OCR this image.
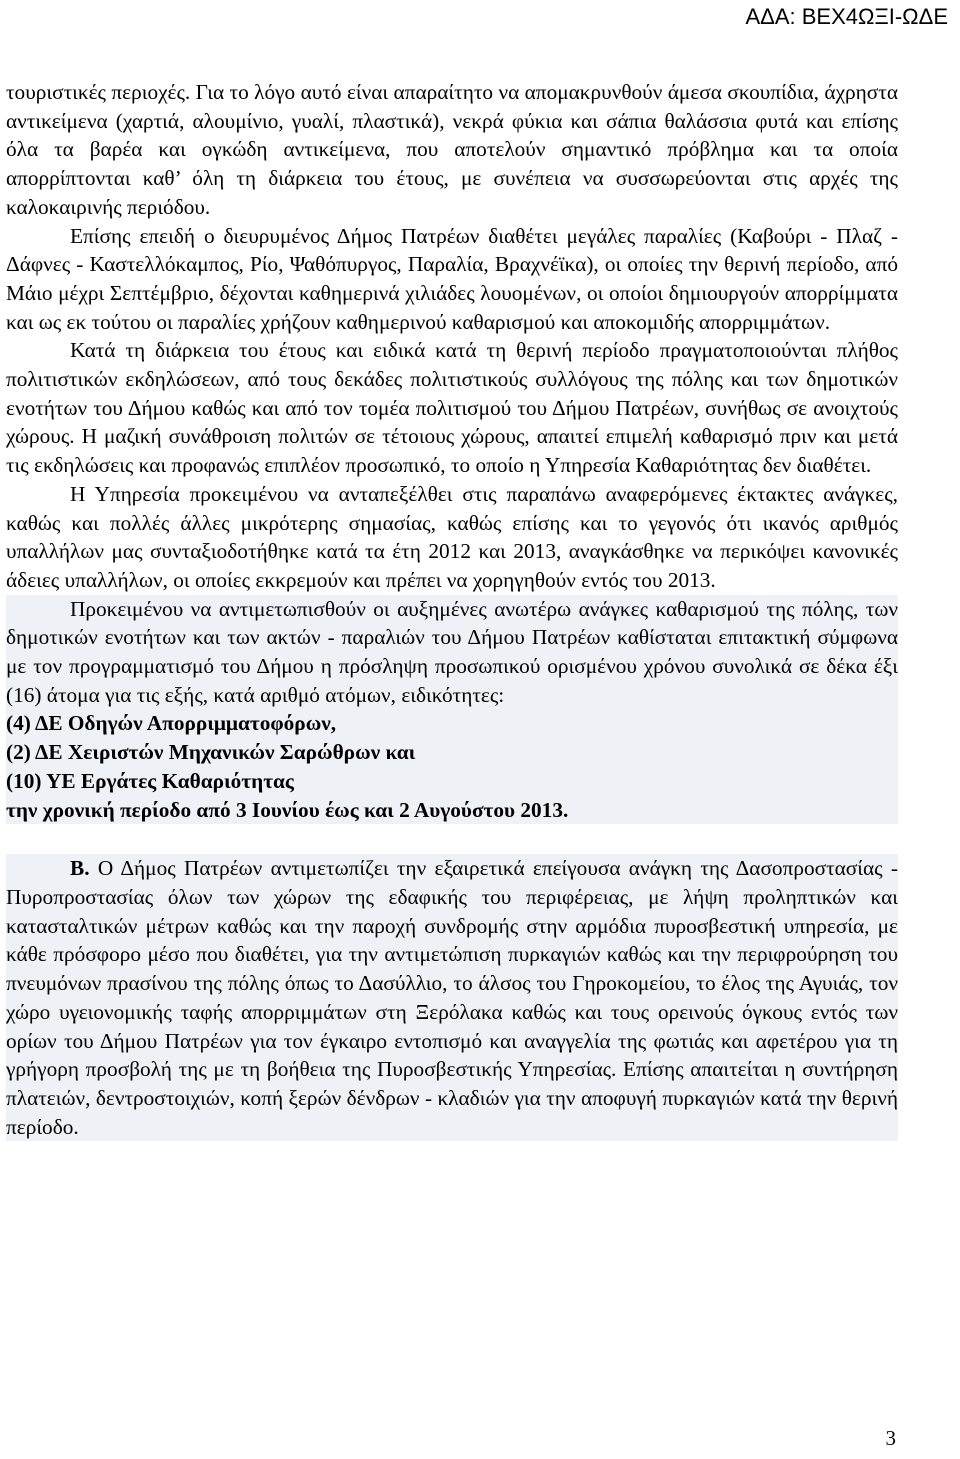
ΑΔΑ: ΒΕΧ4ΩΞΙ-ΩΔΕ

τουριστικές περιοχές. Για το λόγο αυτό είναι απαραίτητο να απομακρυνθούν άμεσα σκουπίδια, άχρηστα αντικείμενα (χαρτιά, αλουμίνιο, γυαλί, πλαστικά), νεκρά φύκια και σάπια θαλάσσια φυτά και επίσης όλα τα βαρέα και ογκώδη αντικείμενα, που αποτελούν σημαντικό πρόβλημα και τα οποία απορρίπτονται καθ’ όλη τη διάρκεια του έτους, με συνέπεια να συσσωρεύονται στις αρχές της καλοκαιρινής περιόδου.

Επίσης επειδή ο διευρυμένος Δήμος Πατρέων διαθέτει μεγάλες παραλίες (Καβούρι - Πλαζ - Δάφνες - Καστελλόκαμπος, Ρίο, Ψαθόπυργος, Παραλία, Βραχνέϊκα), οι οποίες την θερινή περίοδο, από Μάιο μέχρι Σεπτέμβριο, δέχονται καθημερινά χιλιάδες λουομένων, οι οποίοι δημιουργούν απορρίμματα και ως εκ τούτου οι παραλίες χρήζουν καθημερινού καθαρισμού και αποκομιδής απορριμμάτων.

Κατά τη διάρκεια του έτους και ειδικά κατά τη θερινή περίοδο πραγματοποιούνται πλήθος πολιτιστικών εκδηλώσεων, από τους δεκάδες πολιτιστικούς συλλόγους της πόλης και των δημοτικών ενοτήτων του Δήμου καθώς και από τον τομέα πολιτισμού του Δήμου Πατρέων, συνήθως σε ανοιχτούς χώρους. Η μαζική συνάθροιση πολιτών σε τέτοιους χώρους, απαιτεί επιμελή καθαρισμό πριν και μετά τις εκδηλώσεις και προφανώς επιπλέον προσωπικό, το οποίο η Υπηρεσία Καθαριότητας δεν διαθέτει.

Η Υπηρεσία προκειμένου να ανταπεξέλθει στις παραπάνω αναφερόμενες έκτακτες ανάγκες, καθώς και πολλές άλλες μικρότερης σημασίας, καθώς επίσης και το γεγονός ότι ικανός αριθμός υπαλλήλων μας συνταξιοδοτήθηκε κατά τα έτη 2012 και 2013, αναγκάσθηκε να περικόψει κανονικές άδειες υπαλλήλων, οι οποίες εκκρεμούν και πρέπει να χορηγηθούν εντός του 2013.

Προκειμένου να αντιμετωπισθούν οι αυξημένες ανωτέρω ανάγκες καθαρισμού της πόλης, των δημοτικών ενοτήτων και των ακτών - παραλιών του Δήμου Πατρέων καθίσταται επιτακτική σύμφωνα με τον προγραμματισμό του Δήμου η πρόσληψη προσωπικού ορισμένου χρόνου συνολικά σε δέκα έξι (16) άτομα για τις εξής, κατά αριθμό ατόμων, ειδικότητες:

(4) ΔΕ Οδηγών Απορριμματοφόρων,

(2) ΔΕ Χειριστών Μηχανικών Σαρώθρων και

(10) ΥΕ Εργάτες Καθαριότητας

την χρονική περίοδο από 3 Ιουνίου έως και 2 Αυγούστου 2013.

Β. Ο Δήμος Πατρέων αντιμετωπίζει την εξαιρετικά επείγουσα ανάγκη της Δασοπροστασίας - Πυροπροστασίας όλων των χώρων της εδαφικής του περιφέρειας, με λήψη προληπτικών και κατασταλτικών μέτρων καθώς και την παροχή συνδρομής στην αρμόδια πυροσβεστική υπηρεσία, με κάθε πρόσφορο μέσο που διαθέτει, για την αντιμετώπιση πυρκαγιών καθώς και την περιφρούρηση του πνευμόνων πρασίνου της πόλης όπως το Δασύλλιο, το άλσος του Γηροκομείου, το έλος της Αγυιάς, τον χώρο υγειονομικής ταφής απορριμμάτων στη Ξερόλακα καθώς και τους ορεινούς όγκους εντός των ορίων του Δήμου Πατρέων για τον έγκαιρο εντοπισμό και αναγγελία της φωτιάς και αφετέρου για τη γρήγορη προσβολή της με τη βοήθεια της Πυροσβεστικής Υπηρεσίας. Επίσης απαιτείται η συντήρηση πλατειών, δεντροστοιχιών, κοπή ξερών δένδρων - κλαδιών για την αποφυγή πυρκαγιών κατά την θερινή περίοδο.

3
